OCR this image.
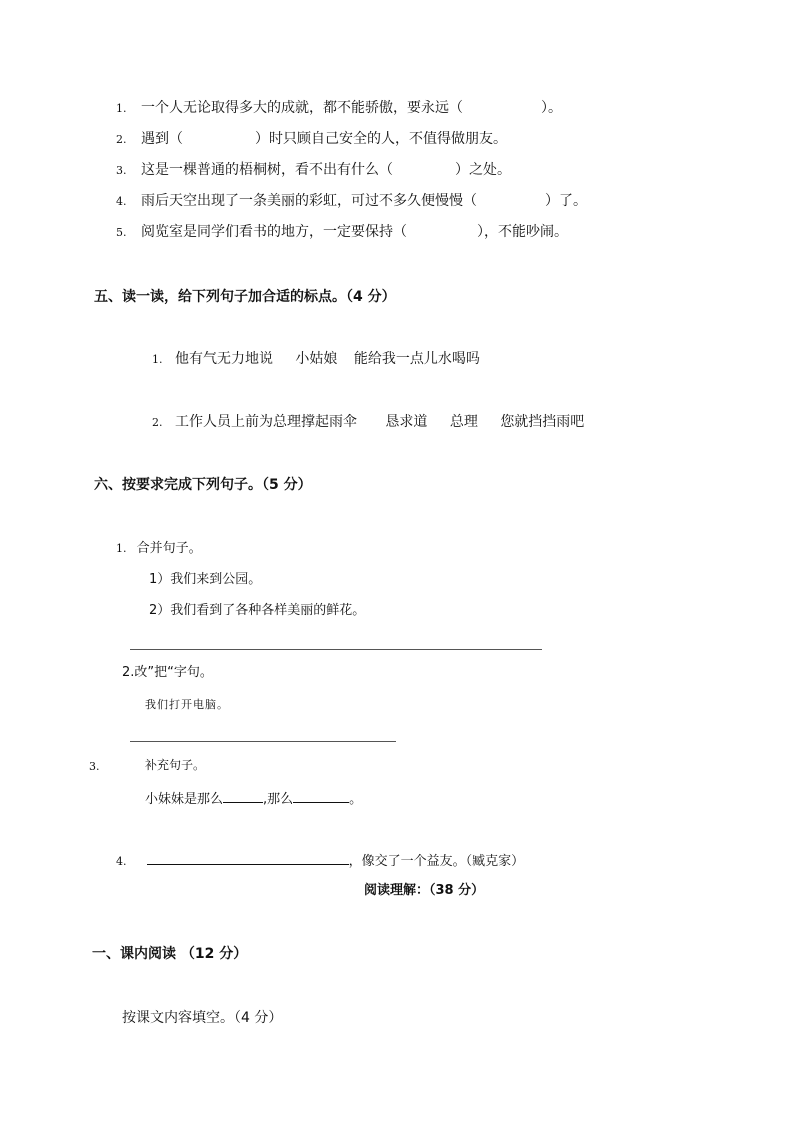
1. 一个人无论取得多大的成就，都不能骄傲，要永远（	）。
2. 遇到（	）时只顾自己安全的人，不值得做朋友。
3. 这是一棵普通的梧桐树，看不出有什么（	）之处。
4. 雨后天空出现了一条美丽的彩虹，可过不多久便慢慢（	）了。
5. 阅览室是同学们看书的地方，一定要保持（	），不能吵闹。
五、读一读，给下列句子加合适的标点。（4 分）
1. 他有气无力地说 小姑娘 能给我一点儿水喝吗
2. 工作人员上前为总理撑起雨伞 恳求道 总理 您就挡挡雨吧
六、按要求完成下列句子。（5 分）
1. 合并句子。
1）我们来到公园。
2）我们看到了各种各样美丽的鲜花。
2.改”把“字句。
我们打开电脑。
3.	补充句子。
小妹妹是那么	,那么	。
4.	，像交了一个益友。（臧克家）
阅读理解：（38 分）
一、课内阅读 （12 分）
按课文内容填空。（4 分）
